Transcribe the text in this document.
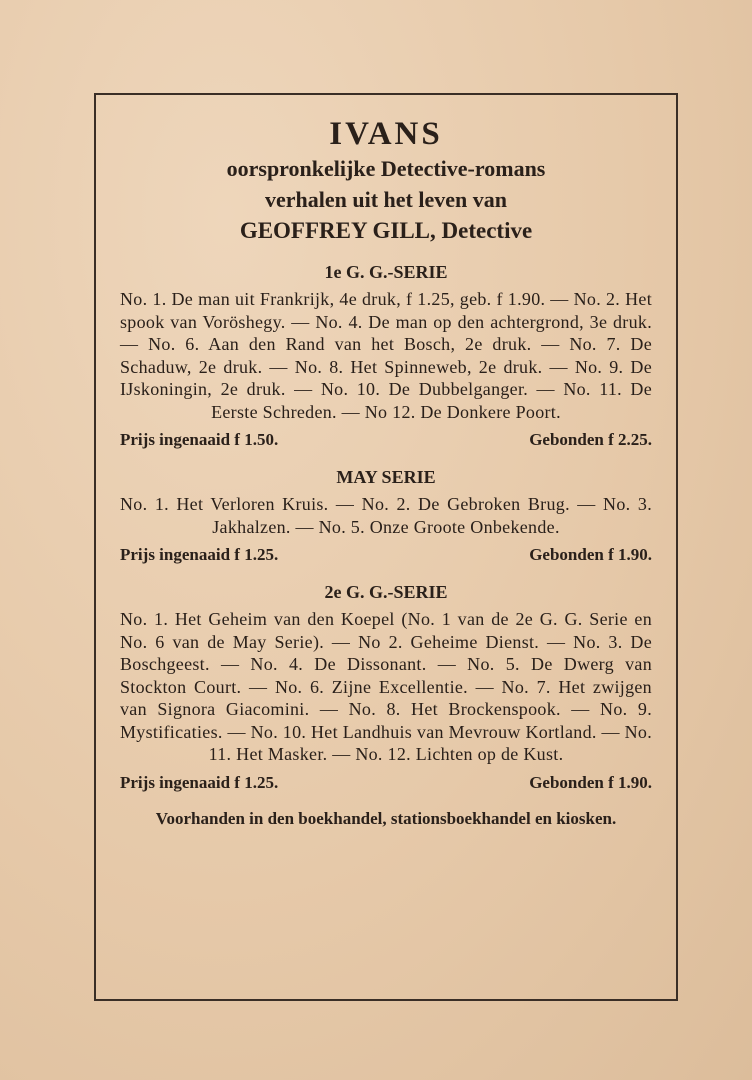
IVANS

oorspronkelijke Detective-romans

verhalen uit het leven van

GEOFFREY GILL, Detective

1e G. G.-SERIE

No. 1. De man uit Frankrijk, 4e druk, f 1.25, geb. f 1.90. — No. 2. Het spook van Voröshegy. — No. 4. De man op den achtergrond, 3e druk. — No. 6. Aan den Rand van het Bosch, 2e druk. — No. 7. De Schaduw, 2e druk. — No. 8. Het Spinneweb, 2e druk. — No. 9. De IJskoningin, 2e druk. — No. 10. De Dubbelganger. — No. 11. De Eerste Schreden. — No 12. De Donkere Poort.

Prijs ingenaaid f 1.50.	Gebonden f 2.25.
MAY SERIE

No. 1. Het Verloren Kruis. — No. 2. De Gebroken Brug. — No. 3. Jakhalzen. — No. 5. Onze Groote Onbekende.

Prijs ingenaaid f 1.25.	Gebonden f 1.90.
2e G. G.-SERIE

No. 1. Het Geheim van den Koepel (No. 1 van de 2e G. G. Serie en No. 6 van de May Serie). — No 2. Geheime Dienst. — No. 3. De Boschgeest. — No. 4. De Dissonant. — No. 5. De Dwerg van Stockton Court. — No. 6. Zijne Excellentie. — No. 7. Het zwijgen van Signora Giacomini. — No. 8. Het Brockenspook. — No. 9. Mystificaties. — No. 10. Het Landhuis van Mevrouw Kortland. — No. 11. Het Masker. — No. 12. Lichten op de Kust.

Prijs ingenaaid f 1.25.	Gebonden f 1.90.
Voorhanden in den boekhandel, stationsboekhandel en kiosken.
